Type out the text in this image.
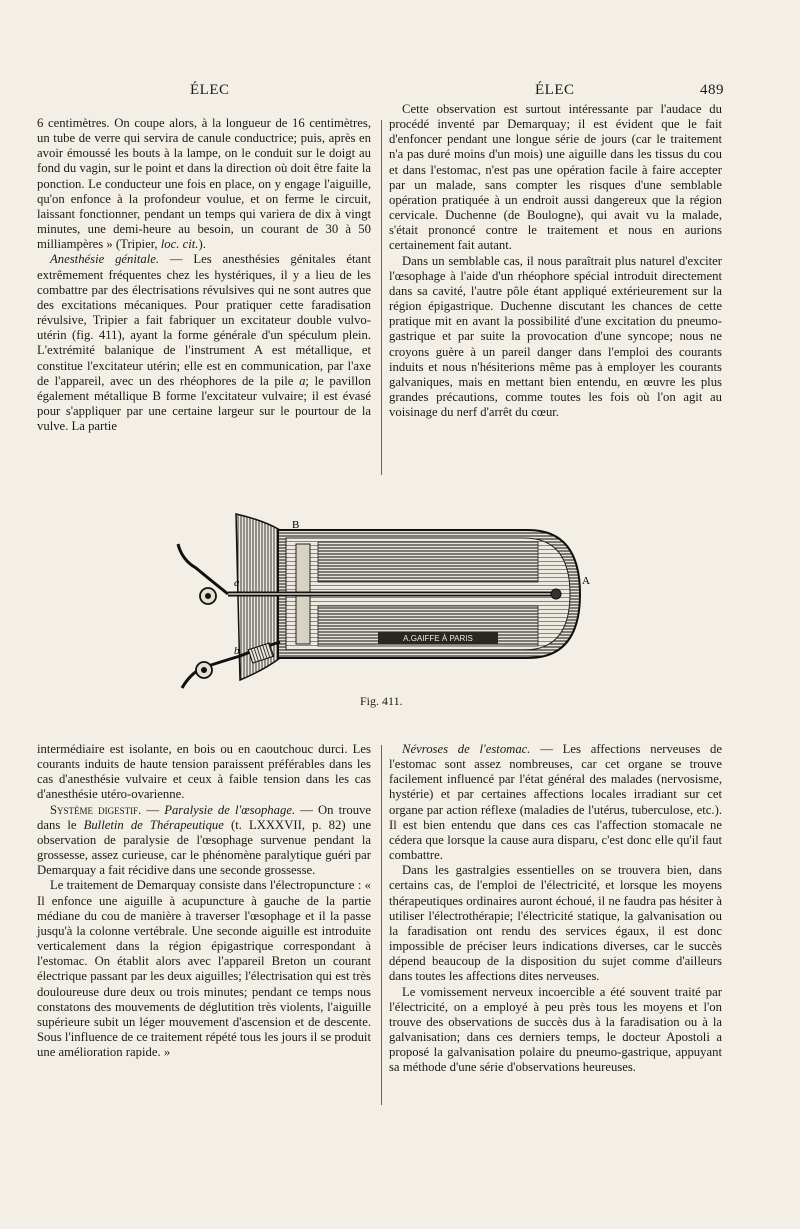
ÉLEC	ÉLEC	489

6 centimètres. On coupe alors, à la longueur de 16 centimètres, un tube de verre qui servira de canule conductrice; puis, après en avoir émoussé les bouts à la lampe, on le conduit sur le doigt au fond du vagin, sur le point et dans la direction où doit être faite la ponction. Le conducteur une fois en place, on y engage l'aiguille, qu'on enfonce à la profondeur voulue, et on ferme le circuit, laissant fonctionner, pendant un temps qui variera de dix à vingt minutes, une demi-heure au besoin, un courant de 30 à 50 milliampères » (Tripier, loc. cit.).

Anesthésie génitale. — Les anesthésies génitales étant extrêmement fréquentes chez les hystériques, il y a lieu de les combattre par des électrisations révulsives qui ne sont autres que des excitations mécaniques. Pour pratiquer cette faradisation révulsive, Tripier a fait fabriquer un excitateur double vulvo-utérin (fig. 411), ayant la forme générale d'un spéculum plein. L'extrémité balanique de l'instrument A est métallique, et constitue l'excitateur utérin; elle est en communication, par l'axe de l'appareil, avec un des rhéophores de la pile a; le pavillon également métallique B forme l'excitateur vulvaire; il est évasé pour s'appliquer par une certaine largeur sur le pourtour de la vulve. La partie

Cette observation est surtout intéressante par l'audace du procédé inventé par Demarquay; il est évident que le fait d'enfoncer pendant une longue série de jours (car le traitement n'a pas duré moins d'un mois) une aiguille dans les tissus du cou et dans l'estomac, n'est pas une opération facile à faire accepter par un malade, sans compter les risques d'une semblable opération pratiquée à un endroit aussi dangereux que la région cervicale. Duchenne (de Boulogne), qui avait vu la malade, s'était prononcé contre le traitement et nous en aurions certainement fait autant.

Dans un semblable cas, il nous paraîtrait plus naturel d'exciter l'œsophage à l'aide d'un rhéophore spécial introduit directement dans sa cavité, l'autre pôle étant appliqué extérieurement sur la région épigastrique. Duchenne discutant les chances de cette pratique mit en avant la possibilité d'une excitation du pneumo-gastrique et par suite la provocation d'une syncope; nous ne croyons guère à un pareil danger dans l'emploi des courants induits et nous n'hésiterions même pas à employer les courants galvaniques, mais en mettant bien entendu, en œuvre les plus grandes précautions, comme toutes les fois où l'on agit au voisinage du nerf d'arrêt du cœur.

A.GAIFFE À PARIS
B
A
a
b
Fig. 411.

intermédiaire est isolante, en bois ou en caoutchouc durci. Les courants induits de haute tension paraissent préférables dans les cas d'anesthésie vulvaire et ceux à faible tension dans les cas d'anesthésie utéro-ovarienne.

Système digestif. — Paralysie de l'œsophage. — On trouve dans le Bulletin de Thérapeutique (t. LXXXVII, p. 82) une observation de paralysie de l'œsophage survenue pendant la grossesse, assez curieuse, car le phénomène paralytique guéri par Demarquay a fait récidive dans une seconde grossesse.

Le traitement de Demarquay consiste dans l'électropuncture : « Il enfonce une aiguille à acupuncture à gauche de la partie médiane du cou de manière à traverser l'œsophage et il la passe jusqu'à la colonne vertébrale. Une seconde aiguille est introduite verticalement dans la région épigastrique correspondant à l'estomac. On établit alors avec l'appareil Breton un courant électrique passant par les deux aiguilles; l'électrisation qui est très douloureuse dure deux ou trois minutes; pendant ce temps nous constatons des mouvements de déglutition très violents, l'aiguille supérieure subit un léger mouvement d'ascension et de descente. Sous l'influence de ce traitement répété tous les jours il se produit une amélioration rapide. »

Névroses de l'estomac. — Les affections nerveuses de l'estomac sont assez nombreuses, car cet organe se trouve facilement influencé par l'état général des malades (nervosisme, hystérie) et par certaines affections locales irradiant sur cet organe par action réflexe (maladies de l'utérus, tuberculose, etc.). Il est bien entendu que dans ces cas l'affection stomacale ne cédera que lorsque la cause aura disparu, c'est donc elle qu'il faut combattre.

Dans les gastralgies essentielles on se trouvera bien, dans certains cas, de l'emploi de l'électricité, et lorsque les moyens thérapeutiques ordinaires auront échoué, il ne faudra pas hésiter à utiliser l'électrothérapie; l'électricité statique, la galvanisation ou la faradisation ont rendu des services égaux, il est donc impossible de préciser leurs indications diverses, car le succès dépend beaucoup de la disposition du sujet comme d'ailleurs dans toutes les affections dites nerveuses.

Le vomissement nerveux incoercible a été souvent traité par l'électricité, on a employé à peu près tous les moyens et l'on trouve des observations de succès dus à la faradisation ou à la galvanisation; dans ces derniers temps, le docteur Apostoli a proposé la galvanisation polaire du pneumo-gastrique, appuyant sa méthode d'une série d'observations heureuses.
